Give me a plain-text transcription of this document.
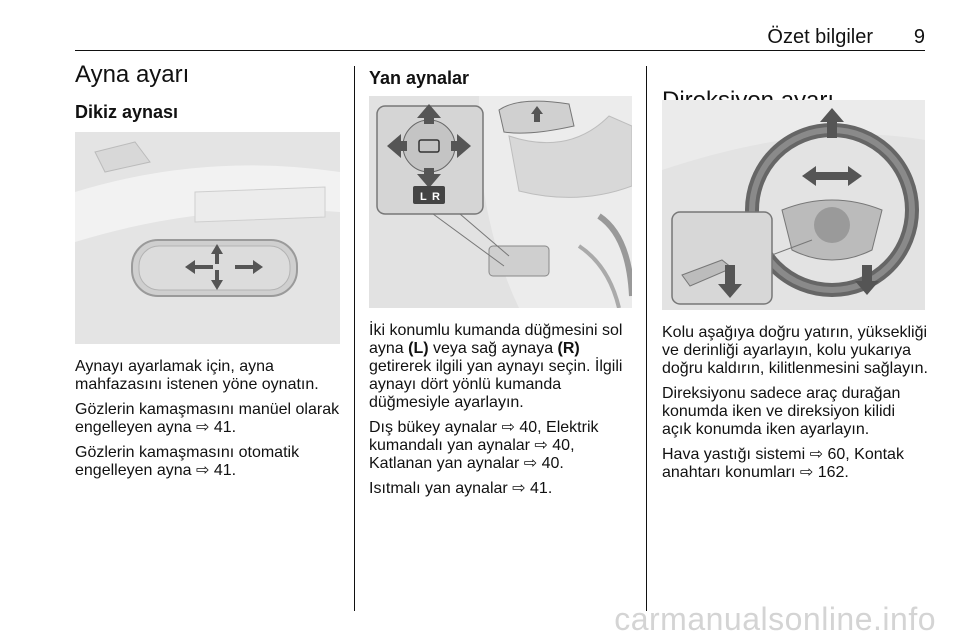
Özet bilgiler 9
Ayna ayarı
Dikiz aynası

Aynayı ayarlamak için, ayna mahfazasını istenen yöne oynatın.

Gözlerin kamaşmasını manüel olarak engelleyen ayna ⇨ 41.

Gözlerin kamaşmasını otomatik engelleyen ayna ⇨ 41.

Yan aynalar
L R

İki konumlu kumanda düğmesini sol ayna (L) veya sağ aynaya (R) getirerek ilgili yan aynayı seçin. İlgili aynayı dört yönlü kumanda düğmesiyle ayarlayın.

Dış bükey aynalar ⇨ 40, Elektrik kumandalı yan aynalar ⇨ 40, Katlanan yan aynalar ⇨ 40.

Isıtmalı yan aynalar ⇨ 41.

Kolu aşağıya doğru yatırın, yüksekliği ve derinliği ayarlayın, kolu yukarıya doğru kaldırın, kilitlenmesini sağlayın.

Direksiyonu sadece araç durağan konumda iken ve direksiyon kilidi açık konumda iken ayarlayın.

Hava yastığı sistemi ⇨ 60, Kontak anahtarı konumları ⇨ 162.

carmanualsonline.info
